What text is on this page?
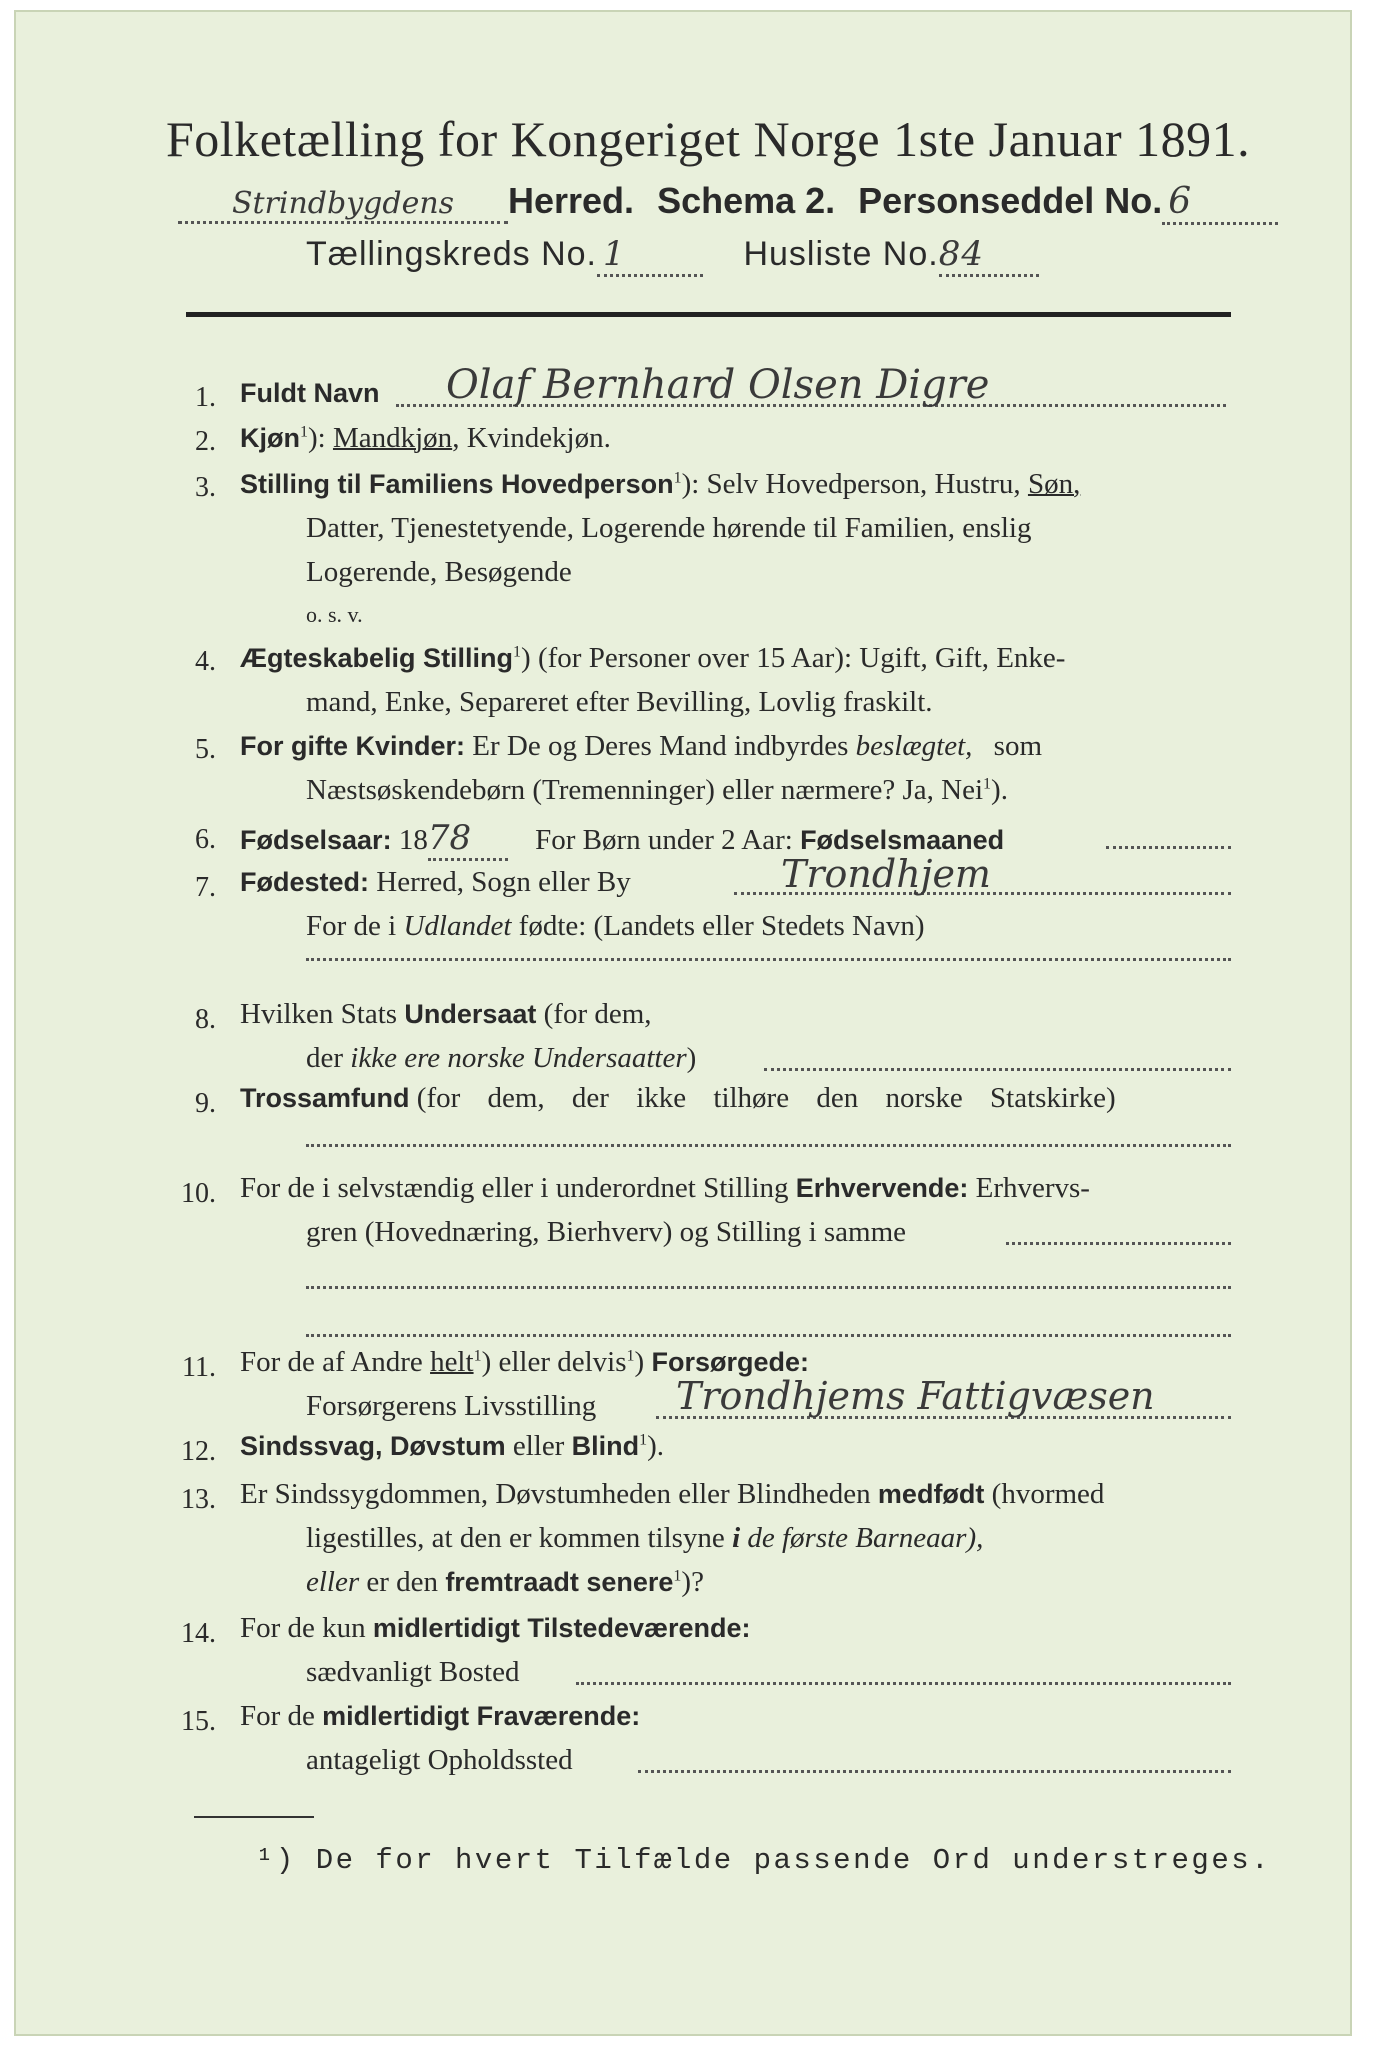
Folketælling for Kongeriget Norge 1ste Januar 1891.
Strindbygdens Herred. Schema 2. Personseddel No. 6
Tællingskreds No. 1	Husliste No.84
1. Fuldt Navn Olaf Bernhard Olsen Digre
2. Kjøn$^1$): Mandkjøn, Kvindekjøn.
3. Stilling til Familiens Hovedperson$^1$): Selv Hovedperson, Hustru, Søn,
Datter, Tjenestetyende, Logerende hørende til Familien, enslig
Logerende, Besøgende
o. s. v.
4. Ægteskabelig Stilling$^1$) (for Personer over 15 Aar): Ugift, Gift, Enke-
mand, Enke, Separeret efter Bevilling, Lovlig fraskilt.
5. For gifte Kvinder: Er De og Deres Mand indbyrdes beslægtet, som
Næstsøskendebørn (Tremenninger) eller nærmere? Ja, Nei$^1$).
6. Fødselsaar: 1878 For Børn under 2 Aar: Fødselsmaaned
7. Fødested: Herred, Sogn eller By	Trondhjem
For de i Udlandet fødte: (Landets eller Stedets Navn)
8. Hvilken Stats Undersaat (for dem,
der ikke ere norske Undersaatter)
9. Trossamfund (for dem, der ikke tilhøre den norske Statskirke)
10. For de i selvstændig eller i underordnet Stilling Erhvervende: Erhvervs-
gren (Hovednæring, Bierhverv) og Stilling i samme
11. For de af Andre helt$^1$) eller delvis$^1$) Forsørgede:
Forsørgerens Livsstilling Trondhjems Fattigvæsen
12. Sindssvag, Døvstum eller Blind$^1$).
13. Er Sindssygdommen, Døvstumheden eller Blindheden medfødt (hvormed
ligestilles, at den er kommen tilsyne i de første Barneaar),
eller er den fremtraadt senere$^1$)?
14. For de kun midlertidigt Tilstedeværende:
sædvanligt Bosted
15. For de midlertidigt Fraværende:
antageligt Opholdssted
¹) De for hvert Tilfælde passende Ord understreges.
